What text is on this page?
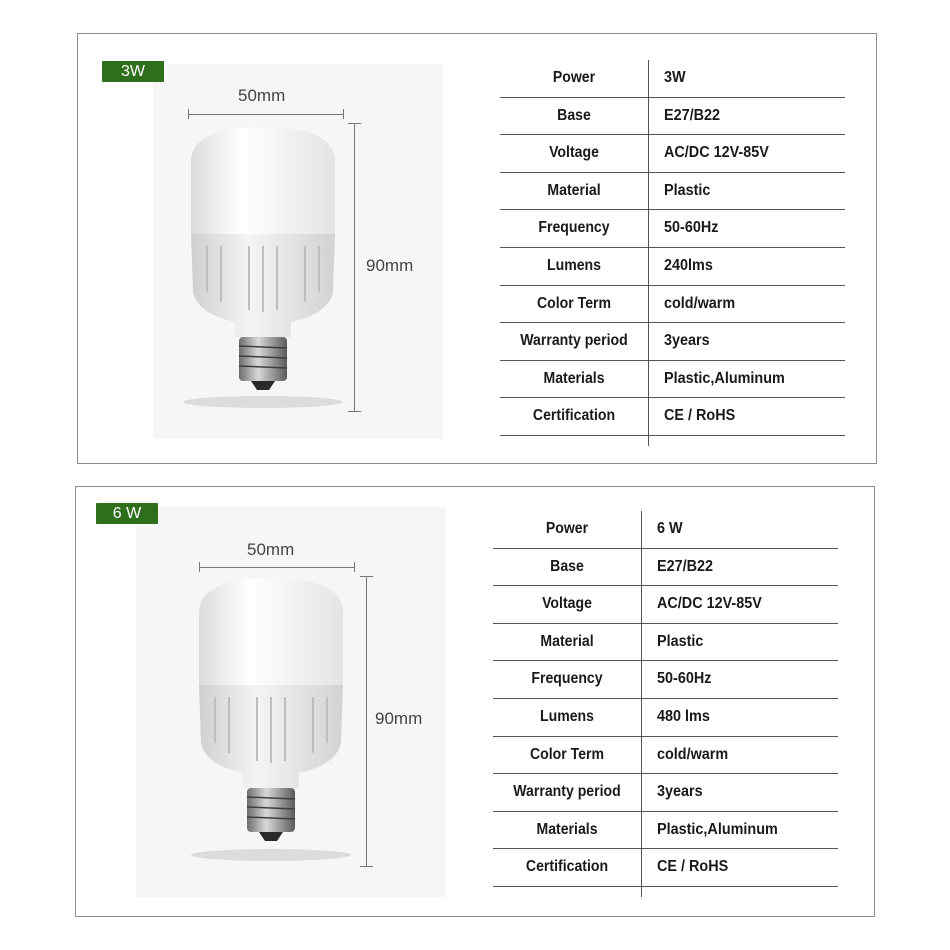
3W
50mm
90mm
Power	3W
Base	E27/B22
Voltage	AC/DC 12V-85V
Material	Plastic
Frequency	50-60Hz
Lumens	240lms
Color Term	cold/warm
Warranty period	3years
Materials	Plastic,Aluminum
Certification	CE / RoHS
6 W
50mm
90mm
Power	6 W
Base	E27/B22
Voltage	AC/DC 12V-85V
Material	Plastic
Frequency	50-60Hz
Lumens	480 lms
Color Term	cold/warm
Warranty period	3years
Materials	Plastic,Aluminum
Certification	CE / RoHS
